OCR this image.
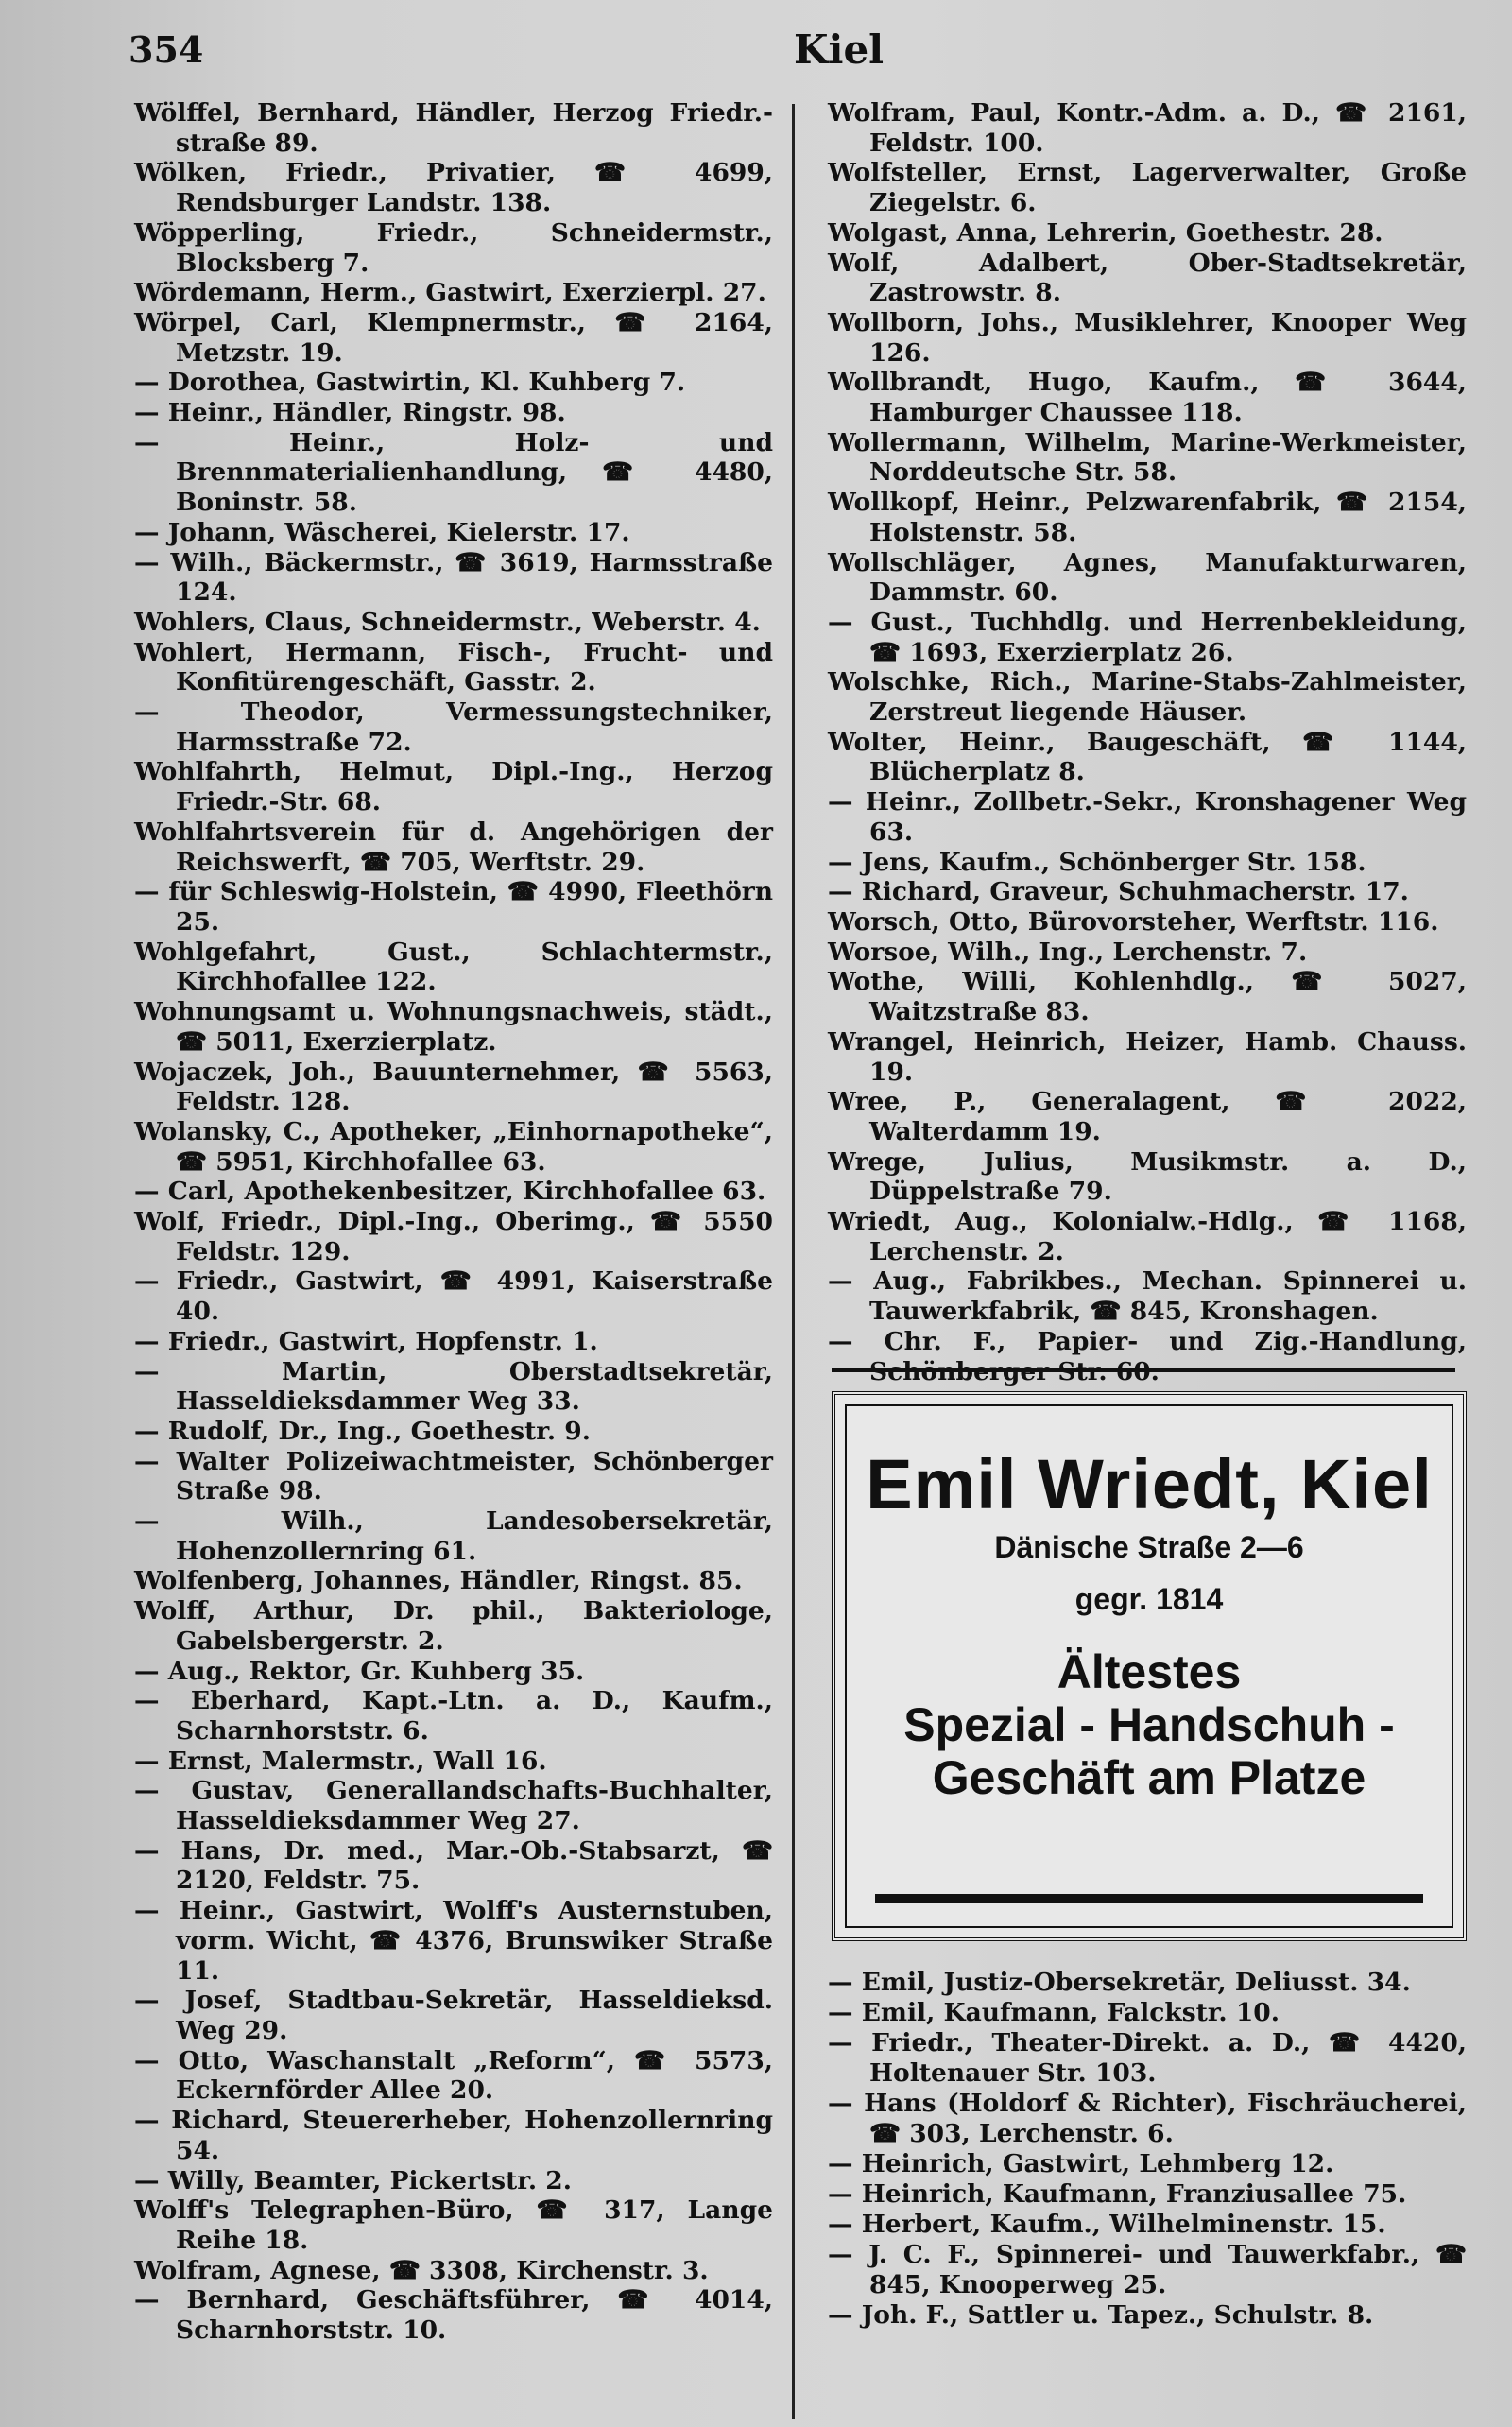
354	Kiel
Wölffel, Bernhard, Händler, Herzog Friedr.-straße 89.
Wölken, Friedr., Privatier, ☎ 4699, Rendsburger Landstr. 138.
Wöpperling, Friedr., Schneidermstr., Blocksberg 7.
Wördemann, Herm., Gastwirt, Exerzierpl. 27.
Wörpel, Carl, Klempnermstr., ☎ 2164, Metzstr. 19.
— Dorothea, Gastwirtin, Kl. Kuhberg 7.
— Heinr., Händler, Ringstr. 98.
— Heinr., Holz- und Brennmaterialienhandlung, ☎ 4480, Boninstr. 58.
— Johann, Wäscherei, Kielerstr. 17.
— Wilh., Bäckermstr., ☎ 3619, Harmsstraße 124.
Wohlers, Claus, Schneidermstr., Weberstr. 4.
Wohlert, Hermann, Fisch-, Frucht- und Konfitürengeschäft, Gasstr. 2.
— Theodor, Vermessungstechniker, Harmsstraße 72.
Wohlfahrth, Helmut, Dipl.-Ing., Herzog Friedr.-Str. 68.
Wohlfahrtsverein für d. Angehörigen der Reichswerft, ☎ 705, Werftstr. 29.
— für Schleswig-Holstein, ☎ 4990, Fleethörn 25.
Wohlgefahrt, Gust., Schlachtermstr., Kirchhofallee 122.
Wohnungsamt u. Wohnungsnachweis, städt., ☎ 5011, Exerzierplatz.
Wojaczek, Joh., Bauunternehmer, ☎ 5563, Feldstr. 128.
Wolansky, C., Apotheker, „Einhornapotheke“, ☎ 5951, Kirchhofallee 63.
— Carl, Apothekenbesitzer, Kirchhofallee 63.
Wolf, Friedr., Dipl.-Ing., Oberimg., ☎ 5550 Feldstr. 129.
— Friedr., Gastwirt, ☎ 4991, Kaiserstraße 40.
— Friedr., Gastwirt, Hopfenstr. 1.
— Martin, Oberstadtsekretär, Hasseldieksdammer Weg 33.
— Rudolf, Dr., Ing., Goethestr. 9.
— Walter Polizeiwachtmeister, Schönberger Straße 98.
— Wilh., Landesobersekretär, Hohenzollernring 61.
Wolfenberg, Johannes, Händler, Ringst. 85.
Wolff, Arthur, Dr. phil., Bakteriologe, Gabelsbergerstr. 2.
— Aug., Rektor, Gr. Kuhberg 35.
— Eberhard, Kapt.-Ltn. a. D., Kaufm., Scharnhorststr. 6.
— Ernst, Malermstr., Wall 16.
— Gustav, Generallandschafts-Buchhalter, Hasseldieksdammer Weg 27.
— Hans, Dr. med., Mar.-Ob.-Stabsarzt, ☎ 2120, Feldstr. 75.
— Heinr., Gastwirt, Wolff's Austernstuben, vorm. Wicht, ☎ 4376, Brunswiker Straße 11.
— Josef, Stadtbau-Sekretär, Hasseldieksd. Weg 29.
— Otto, Waschanstalt „Reform“, ☎ 5573, Eckernförder Allee 20.
— Richard, Steuererheber, Hohenzollernring 54.
— Willy, Beamter, Pickertstr. 2.
Wolff's Telegraphen-Büro, ☎ 317, Lange Reihe 18.
Wolfram, Agnese, ☎ 3308, Kirchenstr. 3.
— Bernhard, Geschäftsführer, ☎ 4014, Scharnhorststr. 10.
Wolfram, Paul, Kontr.-Adm. a. D., ☎ 2161, Feldstr. 100.
Wolfsteller, Ernst, Lagerverwalter, Große Ziegelstr. 6.
Wolgast, Anna, Lehrerin, Goethestr. 28.
Wolf, Adalbert, Ober-Stadtsekretär, Zastrowstr. 8.
Wollborn, Johs., Musiklehrer, Knooper Weg 126.
Wollbrandt, Hugo, Kaufm., ☎ 3644, Hamburger Chaussee 118.
Wollermann, Wilhelm, Marine-Werkmeister, Norddeutsche Str. 58.
Wollkopf, Heinr., Pelzwarenfabrik, ☎ 2154, Holstenstr. 58.
Wollschläger, Agnes, Manufakturwaren, Dammstr. 60.
— Gust., Tuchhdlg. und Herrenbekleidung, ☎ 1693, Exerzierplatz 26.
Wolschke, Rich., Marine-Stabs-Zahlmeister, Zerstreut liegende Häuser.
Wolter, Heinr., Baugeschäft, ☎ 1144, Blücherplatz 8.
— Heinr., Zollbetr.-Sekr., Kronshagener Weg 63.
— Jens, Kaufm., Schönberger Str. 158.
— Richard, Graveur, Schuhmacherstr. 17.
Worsch, Otto, Bürovorsteher, Werftstr. 116.
Worsoe, Wilh., Ing., Lerchenstr. 7.
Wothe, Willi, Kohlenhdlg., ☎ 5027, Waitzstraße 83.
Wrangel, Heinrich, Heizer, Hamb. Chauss. 19.
Wree, P., Generalagent, ☎ 2022, Walterdamm 19.
Wrege, Julius, Musikmstr. a. D., Düppelstraße 79.
Wriedt, Aug., Kolonialw.-Hdlg., ☎ 1168, Lerchenstr. 2.
— Aug., Fabrikbes., Mechan. Spinnerei u. Tauwerkfabrik, ☎ 845, Kronshagen.
— Chr. F., Papier- und Zig.-Handlung,
— Emil, Justiz-Obersekretär, Deliusst. 34.
— Emil, Kaufmann, Falckstr. 10.
— Friedr., Theater-Direkt. a. D., ☎ 4420, Holtenauer Str. 103.
— Hans (Holdorf & Richter), Fischräucherei, ☎ 303, Lerchenstr. 6.
— Heinrich, Gastwirt, Lehmberg 12.
— Heinrich, Kaufmann, Franziusallee 75.
— Herbert, Kaufm., Wilhelminenstr. 15.
— J. C. F., Spinnerei- und Tauwerkfabr., ☎ 845, Knooperweg 25.
— Joh. F., Sattler u. Tapez., Schulstr. 8.
Emil Wriedt, Kiel
Dänische Straße 2—6
gegr. 1814
Ältestes
Spezial - Handschuh -
Geschäft am Platze
